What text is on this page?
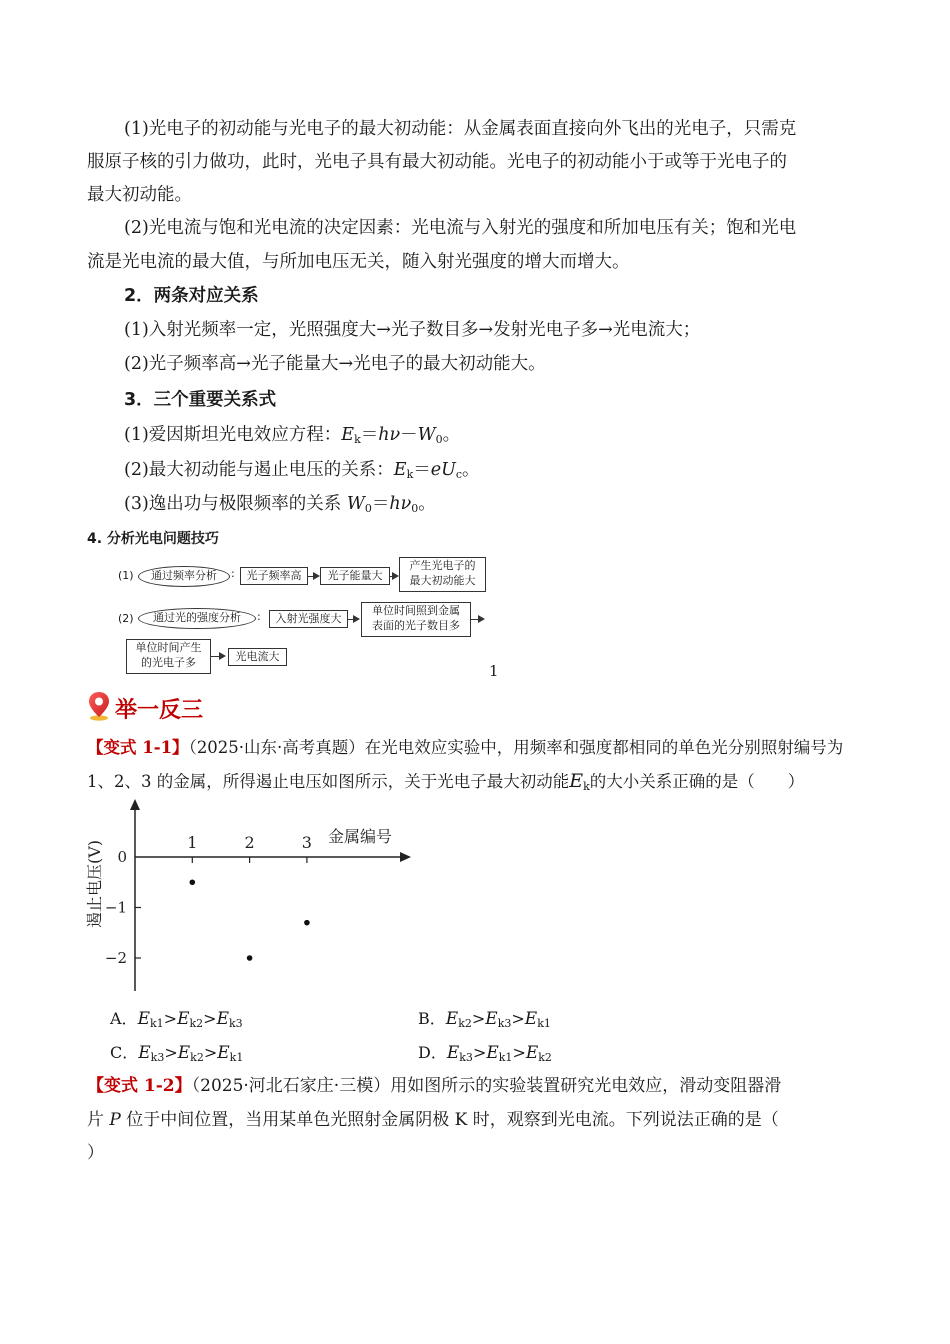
(1)光电子的初动能与光电子的最大初动能：从金属表面直接向外飞出的光电子，只需克
服原子核的引力做功，此时，光电子具有最大初动能。光电子的初动能小于或等于光电子的
最大初动能。
(2)光电流与饱和光电流的决定因素：光电流与入射光的强度和所加电压有关；饱和光电
流是光电流的最大值，与所加电压无关，随入射光强度的增大而增大。
2．两条对应关系
(1)入射光频率一定，光照强度大→光子数目多→发射光电子多→光电流大；
(2)光子频率高→光子能量大→光电子的最大初动能大。
3．三个重要关系式
(1)爱因斯坦光电效应方程：$E_k=h\nu-W_0$。
(2)最大初动能与遏止电压的关系：$E_k=eU_c$。
(3)逸出功与极限频率的关系 $W_0=h\nu_0$。
4. 分析光电问题技巧
(1)	通过频率分析	:	光子频率高	光子能量大
产生光电子的
最大初动能大
(2)	通过光的强度分析	:	入射光强度大
单位时间照到金属
表面的光子数目多
单位时间产生
的光电子多	光电流大
1
举一反三
【变式 1-1】（2025·山东·高考真题）在光电效应实验中，用频率和强度都相同的单色光分别照射编号为
1、2、3 的金属，所得遏止电压如图所示，关于光电子最大初动能$E_k$的大小关系正确的是（　　）
0
−1
−2
1	2	3 金属编号
遏止电压(V)
A．$E_{k1}>E_{k2}>E_{k3}$	B．$E_{k2}>E_{k3}>E_{k1}$
C．$E_{k3}>E_{k2}>E_{k1}$	D．$E_{k3}>E_{k1}>E_{k2}$
【变式 1-2】（2025·河北石家庄·三模）用如图所示的实验装置研究光电效应，滑动变阻器滑
片 P 位于中间位置，当用某单色光照射金属阴极 K 时，观察到光电流。下列说法正确的是（
）
